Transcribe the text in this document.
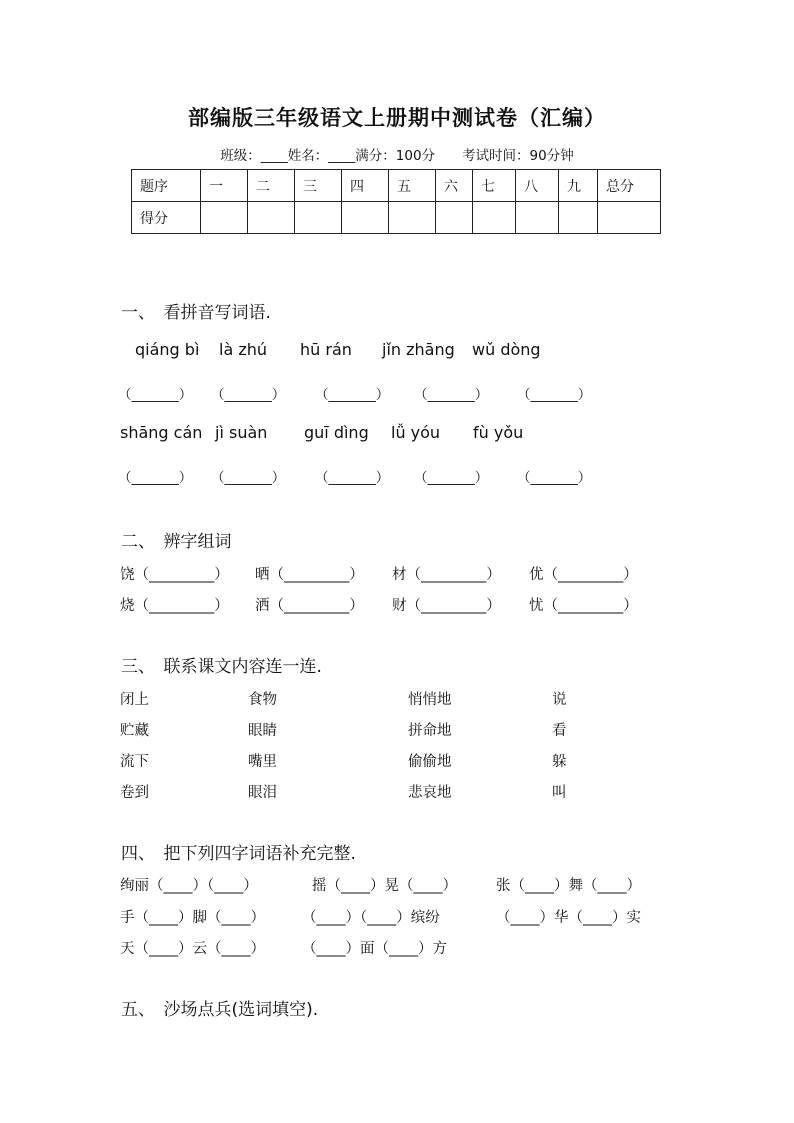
部编版三年级语文上册期中测试卷（汇编）
班级：____姓名：____满分：100分　　考试时间：90分钟
题序	一	二	三	四	五	六	七	八	九	总分
得分										
一、　看拼音写词语.
qiáng bì là zhú hū rán jǐn zhāng wǔ dòng
（_______） （_______） （_______） （_______） （_______）
shāng cán jì suàn guī dìng lǚ yóu fù yǒu
（_______） （_______） （_______） （_______） （_______）
二、　辨字组词
饶（_________） 晒（_________） 材（_________） 优（_________）
烧（_________） 洒（_________） 财（_________） 忧（_________）
三、　联系课文内容连一连.
闭上	食物	悄悄地	说
贮藏	眼睛	拼命地	看
流下	嘴里	偷偷地	躲
卷到	眼泪	悲哀地	叫
四、　把下列四字词语补充完整.
绚丽（____）（____）	摇（____）晃（____）	张（____）舞（____）
手（____）脚（____）	（____）（____）缤纷	（____）华（____）实
天（____）云（____）	（____）面（____）方
五、　沙场点兵(选词填空).
